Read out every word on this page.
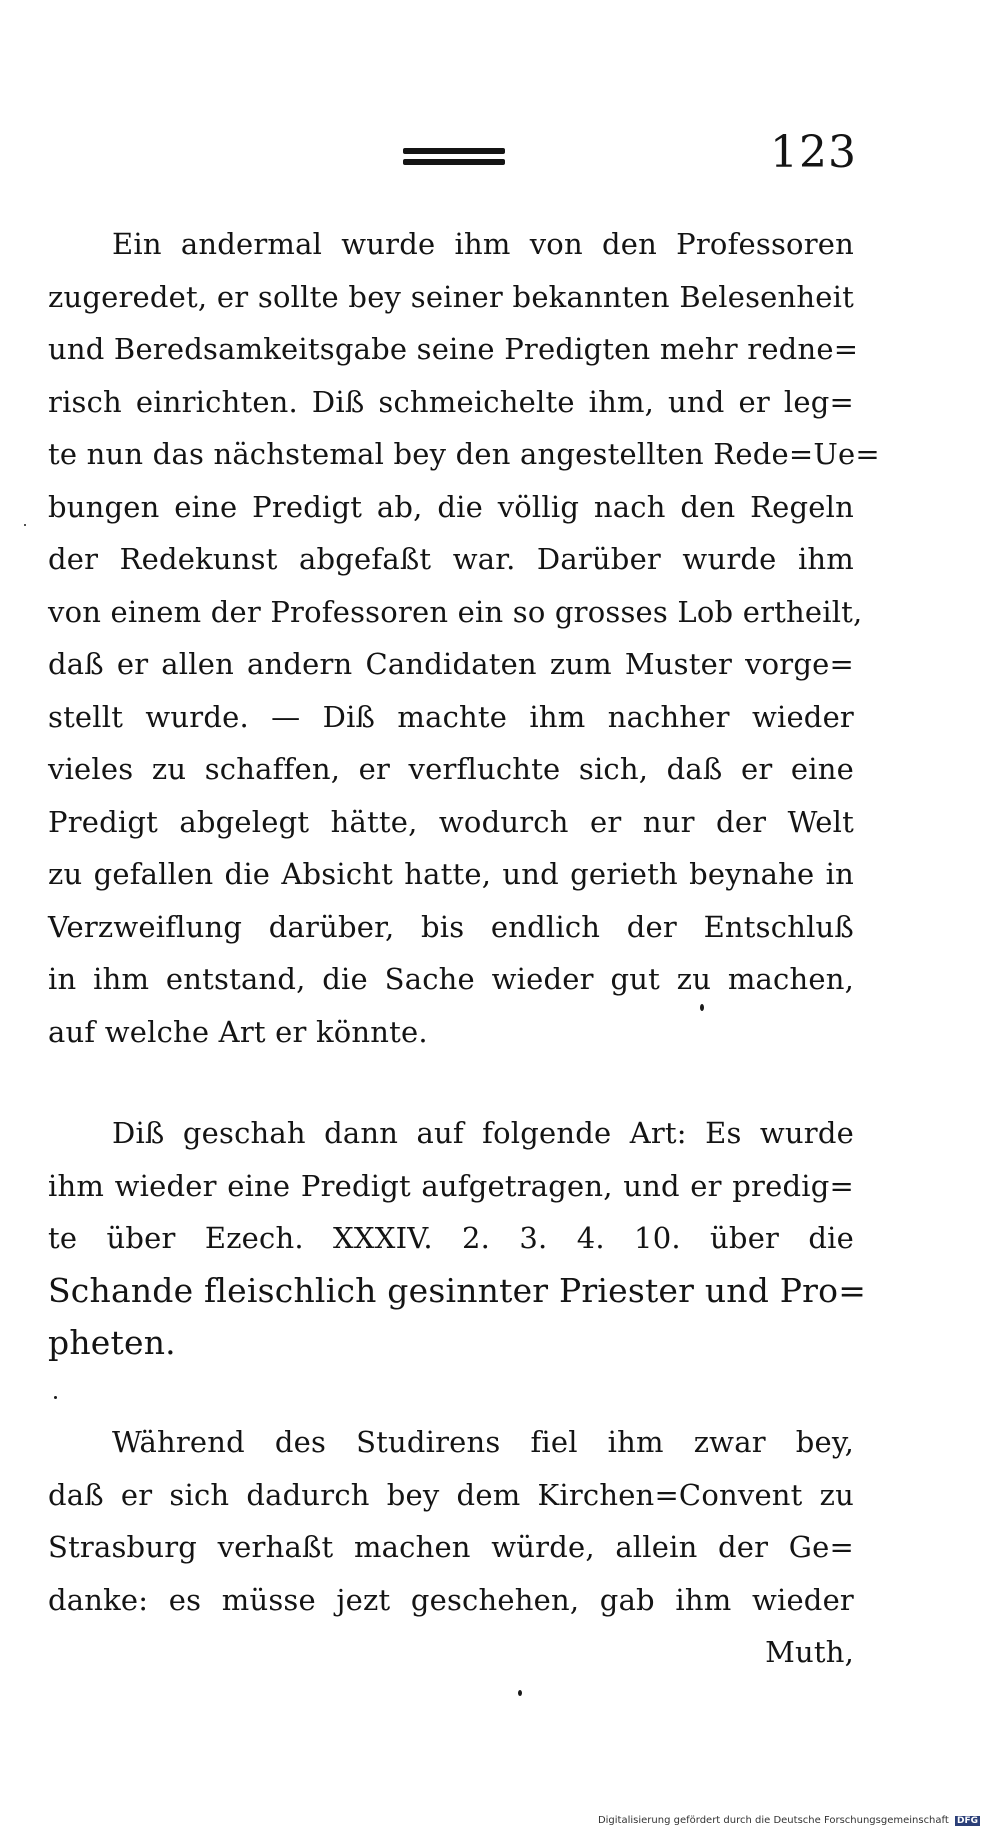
123
Ein andermal wurde ihm von den Professoren
zugeredet, er sollte bey seiner bekannten Belesenheit
und Beredsamkeitsgabe seine Predigten mehr redne=
risch einrichten. Diß schmeichelte ihm, und er leg=
te nun das nächstemal bey den angestellten Rede=Ue=
bungen eine Predigt ab, die völlig nach den Regeln
der Redekunst abgefaßt war. Darüber wurde ihm
von einem der Professoren ein so grosses Lob ertheilt,
daß er allen andern Candidaten zum Muster vorge=
stellt wurde. — Diß machte ihm nachher wieder
vieles zu schaffen, er verfluchte sich, daß er eine
Predigt abgelegt hätte, wodurch er nur der Welt
zu gefallen die Absicht hatte, und gerieth beynahe in
Verzweiflung darüber, bis endlich der Entschluß
in ihm entstand, die Sache wieder gut zu machen,
auf welche Art er könnte.
Diß geschah dann auf folgende Art: Es wurde
ihm wieder eine Predigt aufgetragen, und er predig=
te über Ezech. XXXIV. 2. 3. 4. 10. über die
Schande fleischlich gesinnter Priester und Pro=
pheten.
Während des Studirens fiel ihm zwar bey,
daß er sich dadurch bey dem Kirchen=Convent zu
Strasburg verhaßt machen würde, allein der Ge=
danke: es müsse jezt geschehen, gab ihm wieder
Muth,
Digitalisierung gefördert durch die Deutsche Forschungsgemeinschaft DFG
